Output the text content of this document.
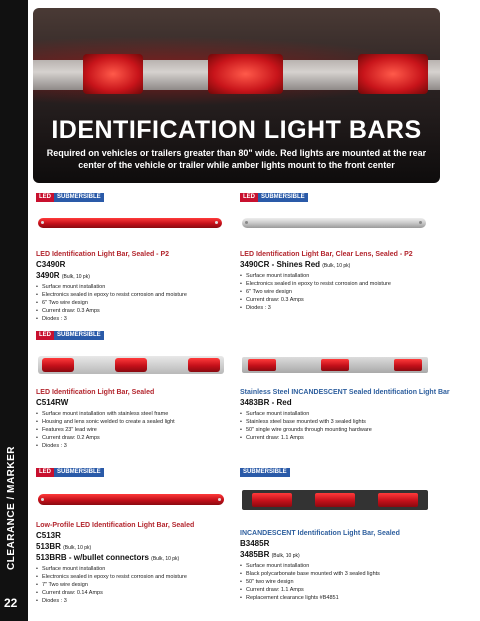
CLEARANCE / MARKER
22
IDENTIFICATION LIGHT BARS
Required on vehicles or trailers greater than 80" wide. Red lights are mounted at the rear center of the vehicle or trailer while amber lights mount to the front center
LED	SUBMERSIBLE	LED	SUBMERSIBLE
LED	SUBMERSIBLE
LED	SUBMERSIBLE	SUBMERSIBLE
LED Identification Light Bar, Sealed - P2
C3490R
3490R (Bulk, 10 pk)
• Surface mount installation
• Electronics sealed in epoxy to resist corrosion and moisture
• 6" Two wire design
• Current draw: 0.3 Amps
• Diodes : 3
LED Identification Light Bar, Clear Lens, Sealed - P2
3490CR - Shines Red (Bulk, 10 pk)
• Surface mount installation
• Electronics sealed in epoxy to resist corrosion and moisture
• 6" Two wire design
• Current draw: 0.3 Amps
• Diodes : 3
LED Identification Light Bar, Sealed
C514RW
• Surface mount installation with stainless steel frame
• Housing and lens sonic welded to create a sealed light
• Features 23" lead wire
• Current draw: 0.2 Amps
• Diodes : 3
Stainless Steel INCANDESCENT Sealed Identification Light Bar
3483BR - Red
• Surface mount installation
• Stainless steel base mounted with 3 sealed lights
• 50" single wire grounds through mounting hardware
• Current draw: 1.1 Amps
Low-Profile LED Identification Light Bar, Sealed
C513R
513BR (Bulk, 10 pk)
513BRB - w/bullet connectors (Bulk, 10 pk)
• Surface mount installation
• Electronics sealed in epoxy to resist corrosion and moisture
• 7" Two wire design
• Current draw: 0.14 Amps
• Diodes : 3
INCANDESCENT Identification Light Bar, Sealed
B3485R
3485BR (Bulk, 10 pk)
• Surface mount installation
• Black polycarbonate base mounted with 3 sealed lights
• 50" two wire design
• Current draw: 1.1 Amps
• Replacement clearance lights #B4851
